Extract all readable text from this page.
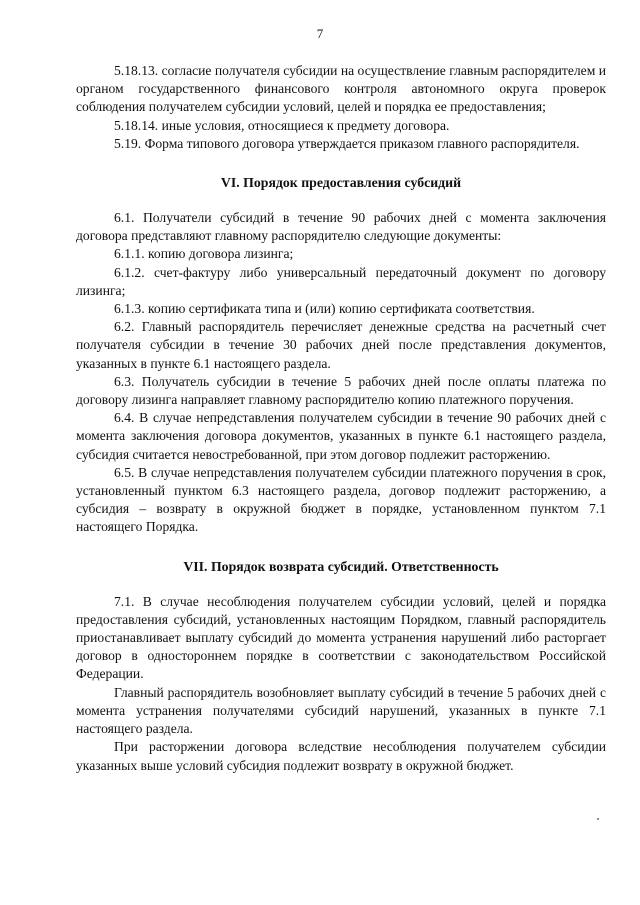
7

5.18.13. согласие получателя субсидии на осуществление главным распорядителем и органом государственного финансового контроля автономного округа проверок соблюдения получателем субсидии условий, целей и порядка ее предоставления;

5.18.14. иные условия, относящиеся к предмету договора.

5.19. Форма типового договора утверждается приказом главного распорядителя.

VI. Порядок предоставления субсидий

6.1. Получатели субсидий в течение 90 рабочих дней с момента заключения договора представляют главному распорядителю следующие документы:

6.1.1. копию договора лизинга;

6.1.2. счет-фактуру либо универсальный передаточный документ по договору лизинга;

6.1.3. копию сертификата типа и (или) копию сертификата соответствия.

6.2. Главный распорядитель перечисляет денежные средства на расчетный счет получателя субсидии в течение 30 рабочих дней после представления документов, указанных в пункте 6.1 настоящего раздела.

6.3. Получатель субсидии в течение 5 рабочих дней после оплаты платежа по договору лизинга направляет главному распорядителю копию платежного поручения.

6.4. В случае непредставления получателем субсидии в течение 90 рабочих дней с момента заключения договора документов, указанных в пункте 6.1 настоящего раздела, субсидия считается невостребованной, при этом договор подлежит расторжению.

6.5. В случае непредставления получателем субсидии платежного поручения в срок, установленный пунктом 6.3 настоящего раздела, договор подлежит расторжению, а субсидия – возврату в окружной бюджет в порядке, установленном пунктом 7.1 настоящего Порядка.

VII. Порядок возврата субсидий. Ответственность

7.1. В случае несоблюдения получателем субсидии условий, целей и порядка предоставления субсидий, установленных настоящим Порядком, главный распорядитель приостанавливает выплату субсидий до момента устранения нарушений либо расторгает договор в одностороннем порядке в соответствии с законодательством Российской Федерации.

Главный распорядитель возобновляет выплату субсидий в течение 5 рабочих дней с момента устранения получателями субсидий нарушений, указанных в пункте 7.1 настоящего раздела.

При расторжении договора вследствие несоблюдения получателем субсидии указанных выше условий субсидия подлежит возврату в окружной бюджет.
